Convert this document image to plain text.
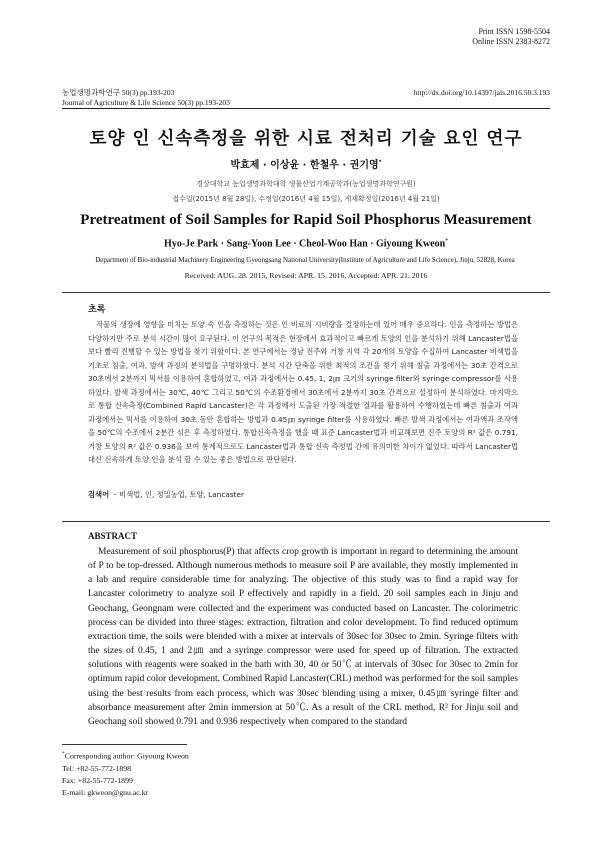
Print ISSN 1598-5504
Online ISSN 2383-8272
농업생명과학연구 50(3) pp.193-203
Journal of Agriculture & Life Science 50(3) pp.193-203
http://dx.doi.org/10.14397/jals.2016.50.3.193
토양 인 신속측정을 위한 시료 전처리 기술 요인 연구
박효제 · 이상윤 · 한철우 · 권기영*
경상대학교 농업생명과학대학 생물산업기계공학과(농업생명과학연구원)
접수일(2015년 8월 28일), 수정일(2016년 4월 15일), 게재확정일(2016년 4월 21일)
Pretreatment of Soil Samples for Rapid Soil Phosphorus Measurement
Hyo-Je Park · Sang-Yoon Lee · Cheol-Woo Han · Giyoung Kweon*
Department of Bio-industrial Machinery Engineering Gyeongsang National University(Institute of Agriculture and Life Science), Jinju, 52828, Korea
Received: AUG. 28. 2015, Revised: APR. 15. 2016, Accepted: APR. 21. 2016
초록
작물의 생장에 영향을 미치는 토양 속 인을 측정하는 것은 인 비료의 시비량을 결정하는데 있어 매우 중요하다. 인을 측정하는 방법은 다양하지만 주로 분석 시간이 많이 요구된다. 이 연구의 목적은 현장에서 효과적이고 빠르게 토양의 인을 분석하기 위해 Lancaster법을 보다 빨리 진행할 수 있는 방법을 찾기 위함이다. 본 연구에서는 경남 진주와 거창 지역 각 20개의 토양을 수집하여 Lancaster 비색법을 기초로 침출, 여과, 발색 과정의 분석법을 구명하였다. 분석 시간 단축을 위한 최적의 조건을 찾기 위해 침출 과정에서는 30초 간격으로 30초에서 2분까지 믹서를 이용하여 혼합하였고, 여과 과정에서는 0.45, 1, 2㎛ 크기의 syringe filter와 syringe compressor를 사용하였다. 발색 과정에서는 30℃, 40℃ 그리고 50℃의 수조환경에서 30초에서 2분까지 30초 간격으로 설정하여 분석하였다. 마지막으로 통합 신속측정(Combined Rapid Lancaster)은 각 과정에서 도출된 가장 적절한 결과를 활용하여 수행하였는데 빠른 침출과 여과 과정에서는 믹서를 이용하여 30초 동안 혼합하는 방법과 0.45㎛ syringe filter를 사용하였다. 빠른 발색 과정에서는 여과액과 조작액을 50℃의 수조에서 2분간 섞은 후 측정하였다. 통합신속측정을 했을 때 표준 Lancaster법과 비교해보면 진주 토양의 R² 값은 0.791, 거창 토양의 R² 값은 0.936을 보여 통계적으로도 Lancaster법과 통합 신속 측정법 간에 유의미한 차이가 없었다. 따라서 Lancaster법 대신 신속하게 토양 인을 분석 할 수 있는 좋은 방법으로 판단된다.
검색어 – 비색법, 인, 정밀농업, 토양, Lancaster
ABSTRACT
Measurement of soil phosphorus(P) that affects crop growth is important in regard to determining the amount of P to be top-dressed. Although numerous methods to measure soil P are available, they mostly implemented in a lab and require considerable time for analyzing. The objective of this study was to find a rapid way for Lancaster colorimetry to analyze soil P effectively and rapidly in a field. 20 soil samples each in Jinju and Geochang, Geongnam were collected and the experiment was conducted based on Lancaster. The colorimetric process can be divided into three stages: extraction, filtration and color development. To find reduced optimum extraction time, the soils were blended with a mixer at intervals of 30sec for 30sec to 2min. Syringe filters with the sizes of 0.45, 1 and 2㎛ and a syringe compressor were used for speed up of filtration. The extracted solutions with reagents were soaked in the bath with 30, 40 or 50℃ at intervals of 30sec for 30sec to 2min for optimum rapid color development. Combined Rapid Lancaster(CRL) method was performed for the soil samples using the best results from each process, which was 30sec blending using a mixer, 0.45㎛ syringe filter and absorbance measurement after 2min immersion at 50℃. As a result of the CRL method, R² for Jinju soil and Geochang soil showed 0.791 and 0.936 respectively when compared to the standard
*Corresponding author: Giyoung Kweon
Tel: +82-55-772-1898
Fax: +82-55-772-1899
E-mail: gkweon@gnu.ac.kr
